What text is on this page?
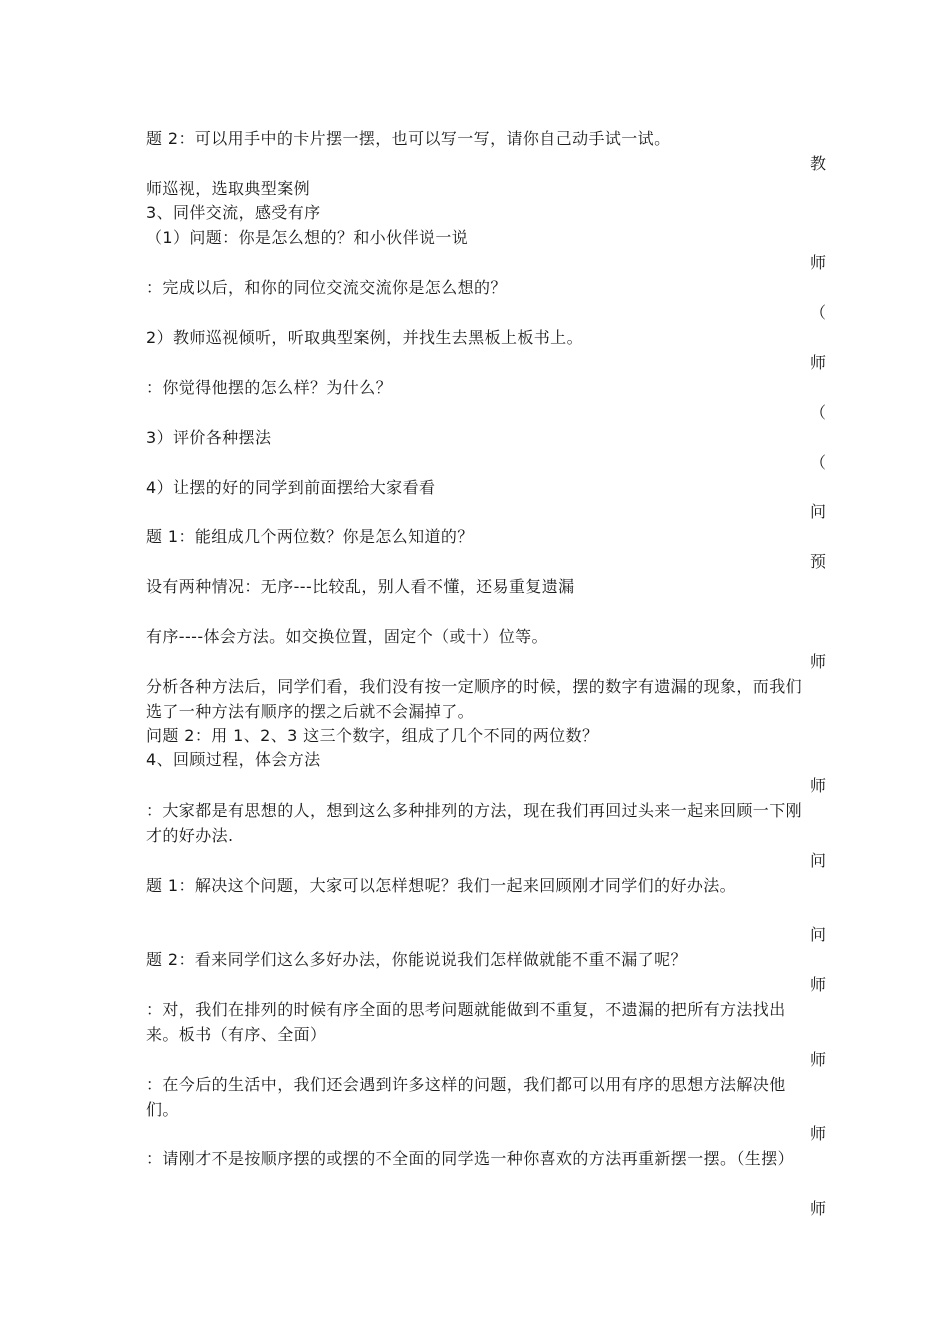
题 2：可以用手中的卡片摆一摆，也可以写一写，请你自己动手试一试。
师巡视，选取典型案例
3、同伴交流，感受有序
（1）问题：你是怎么想的？和小伙伴说一说
：完成以后，和你的同位交流交流你是怎么想的？
2）教师巡视倾听，听取典型案例，并找生去黑板上板书上。
：你觉得他摆的怎么样？为什么？
3）评价各种摆法
4）让摆的好的同学到前面摆给大家看看
题 1：能组成几个两位数？你是怎么知道的？
设有两种情况：无序---比较乱，别人看不懂，还易重复遗漏
有序----体会方法。如交换位置，固定个（或十）位等。
分析各种方法后，同学们看，我们没有按一定顺序的时候，摆的数字有遗漏的现象，而我们选了一种方法有顺序的摆之后就不会漏掉了。
问题 2：用 1、2、3 这三个数字，组成了几个不同的两位数？
4、回顾过程，体会方法
：大家都是有思想的人，想到这么多种排列的方法，现在我们再回过头来一起来回顾一下刚才的好办法.
题 1：解决这个问题，大家可以怎样想呢？我们一起来回顾刚才同学们的好办法。
题 2：看来同学们这么多好办法，你能说说我们怎样做就能不重不漏了呢？
：对，我们在排列的时候有序全面的思考问题就能做到不重复，不遗漏的把所有方法找出来。板书（有序、全面）
：在今后的生活中，我们还会遇到许多这样的问题，我们都可以用有序的思想方法解决他们。
：请刚才不是按顺序摆的或摆的不全面的同学选一种你喜欢的方法再重新摆一摆。（生摆）
教
师
（
师
（
（
问
预
师
师
问
问
师
师
师
师
